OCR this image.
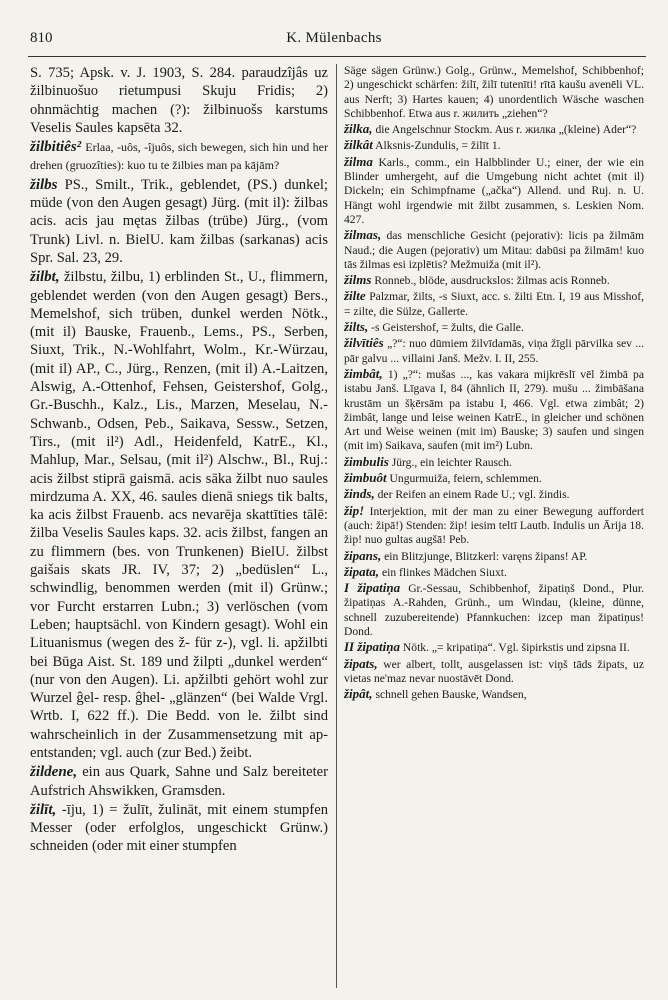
810	K. Mülenbachs
S. 735; Apsk. v. J. 1903, S. 284. paraudzîjâs uz žilbinuošuo rietumpusi Skuju Fridis; 2) ohnmächtig machen (?): žilbinuošs karstums Veselis Saules kapsēta 32.
žilbitiês² Erlaa, -uôs, -îjuôs, sich bewegen, sich hin und her drehen (gruozîties): kuo tu te žilbies man pa kājām?
žilbs PS., Smilt., Trik., geblendet, (PS.) dunkel; müde (von den Augen gesagt) Jürg. (mit il): žilbas acis. acis jau mętas žilbas (trübe) Jürg., (vom Trunk) Livl. n. BielU. kam žilbas (sarkanas) acis Spr. Sal. 23, 29.
žilbt, žilbstu, žilbu, 1) erblinden St., U., flimmern, geblendet werden (von den Augen gesagt) Bers., Memelshof, sich trüben, dunkel werden Nötk., (mit il) Bauske, Frauenb., Lems., PS., Serben, Siuxt, Trik., N.-Wohlfahrt, Wolm., Kr.-Würzau, (mit il) AP., C., Jürg., Renzen, (mit il) A.-Laitzen, Alswig, A.-Ottenhof, Fehsen, Geistershof, Golg., Gr.-Buschh., Kalz., Lis., Marzen, Meselau, N.-Schwanb., Odsen, Peb., Saikava, Sessw., Setzen, Tirs., (mit il²) Adl., Heidenfeld, KatrE., Kl., Mahlup, Mar., Selsau, (mit il²) Alschw., Bl., Ruj.: acis žilbst stiprā gaismā. acis sāka žilbt nuo saules mirdzuma A. XX, 46. saules dienā sniegs tik balts, ka acis žilbst Frauenb. acs nevarēja skattīties tālē: žilba Veselis Saules kaps. 32. acis žilbst, fangen an zu flimmern (bes. von Trunkenen) BielU. žilbst gaišais skats JR. IV, 37; 2) „bedüslen“ L., schwindlig, benommen werden (mit il) Grünw.; vor Furcht erstarren Lubn.; 3) verlöschen (vom Leben; hauptsächl. von Kindern gesagt). Wohl ein Lituanismus (wegen des ž- für z-), vgl. li. apžilbti bei Būga Aist. St. 189 und žilpti „dunkel werden“ (nur von den Augen). Li. apžilbti gehört wohl zur Wurzel ĝel- resp. ĝhel- „glänzen“ (bei Walde Vrgl. Wrtb. I, 622 ff.). Die Bedd. von le. žilbt sind wahrscheinlich in der Zusammensetzung mit ap- entstanden; vgl. auch (zur Bed.) žeibt.
žildene, ein aus Quark, Sahne und Salz bereiteter Aufstrich Ahswikken, Gramsden.
žilīt, -īju, 1) = žulīt, žulināt, mit einem stumpfen Messer (oder erfolglos, ungeschickt Grünw.) schneiden (oder mit einer stumpfen
Säge sägen Grünw.) Golg., Grünw., Memelshof, Schibbenhof; 2) ungeschickt schärfen: žilī, žilī tutenīti! rītā kaušu avenēli VL. aus Nerft; 3) Hartes kauen; 4) unordentlich Wäsche waschen Schibbenhof. Etwa aus r. жилить „ziehen“?
žilka, die Angelschnur Stockm. Aus r. жилка „(kleine) Ader“?
žilkât Alksnis-Zundulis, = žilīt 1.
žilma Karls., comm., ein Halbblinder U.; einer, der wie ein Blinder umhergeht, auf die Umgebung nicht achtet (mit il) Dickeln; ein Schimpfname („аčka“) Allend. und Ruj. n. U. Hängt wohl irgendwie mit žilbt zusammen, s. Leskien Nom. 427.
žilmas, das menschliche Gesicht (pejorativ): licis pa žilmām Naud.; die Augen (pejorativ) um Mitau: dabūsi pa žilmām! kuo tās žilmas esi izplētis? Mežmuiža (mit il²).
žilms Ronneb., blöde, ausdruckslos: žilmas acis Ronneb.
žilte Palzmar, žilts, -s Siuxt, acc. s. žilti Etn. I, 19 aus Misshof, = zilte, die Sülze, Gallerte.
žilts, -s Geistershof, = žults, die Galle.
žilvītiês „?“: nuo dūmiem žilvīdamās, viņa žīgli pārvilka sev ... pār galvu ... villaini Janš. Mežv. I. II, 255.
žimbât, 1) „?“: mušas ..., kas vakara mijkrēslī vēl žimbā pa istabu Janš. Līgava I, 84 (ähnlich II, 279). mušu ... žimbāšana krustām un šķērsām pa istabu I, 466. Vgl. etwa zimbât; 2) žimbât, lange und leise weinen KatrE., in gleicher und schönen Art und Weise weinen (mit im) Bauske; 3) saufen und singen (mit im) Saikava, saufen (mit im²) Lubn.
žimbulis Jürg., ein leichter Rausch.
žimbuôt Ungurmuiža, feiern, schlemmen.
žinds, der Reifen an einem Rade U.; vgl. žindis.
žip! Interjektion, mit der man zu einer Bewegung auffordert (auch: žipā!) Stenden: žip! iesim teltī Lautb. Indulis un Ārija 18. žip! nuo gultas augšā! Peb.
žipans, ein Blitzjunge, Blitzkerl: varęns žipans! AP.
žipata, ein flinkes Mädchen Siuxt.
I žipatiņa Gr.-Sessau, Schibbenhof, žipatiņš Dond., Plur. žipatiņas A.-Rahden, Grünh., um Windau, (kleine, dünne, schnell zuzubereitende) Pfannkuchen: izcep man žipatiņus! Dond.
II žipatiņa Nötk. „= kripatiņa“. Vgl. šipirkstis und zipsna II.
žipats, wer albert, tollt, ausgelassen ist: viņš tāds žipats, uz vietas ne'maz nevar nuostāvēt Dond.
žipât, schnell gehen Bauske, Wandsen,
